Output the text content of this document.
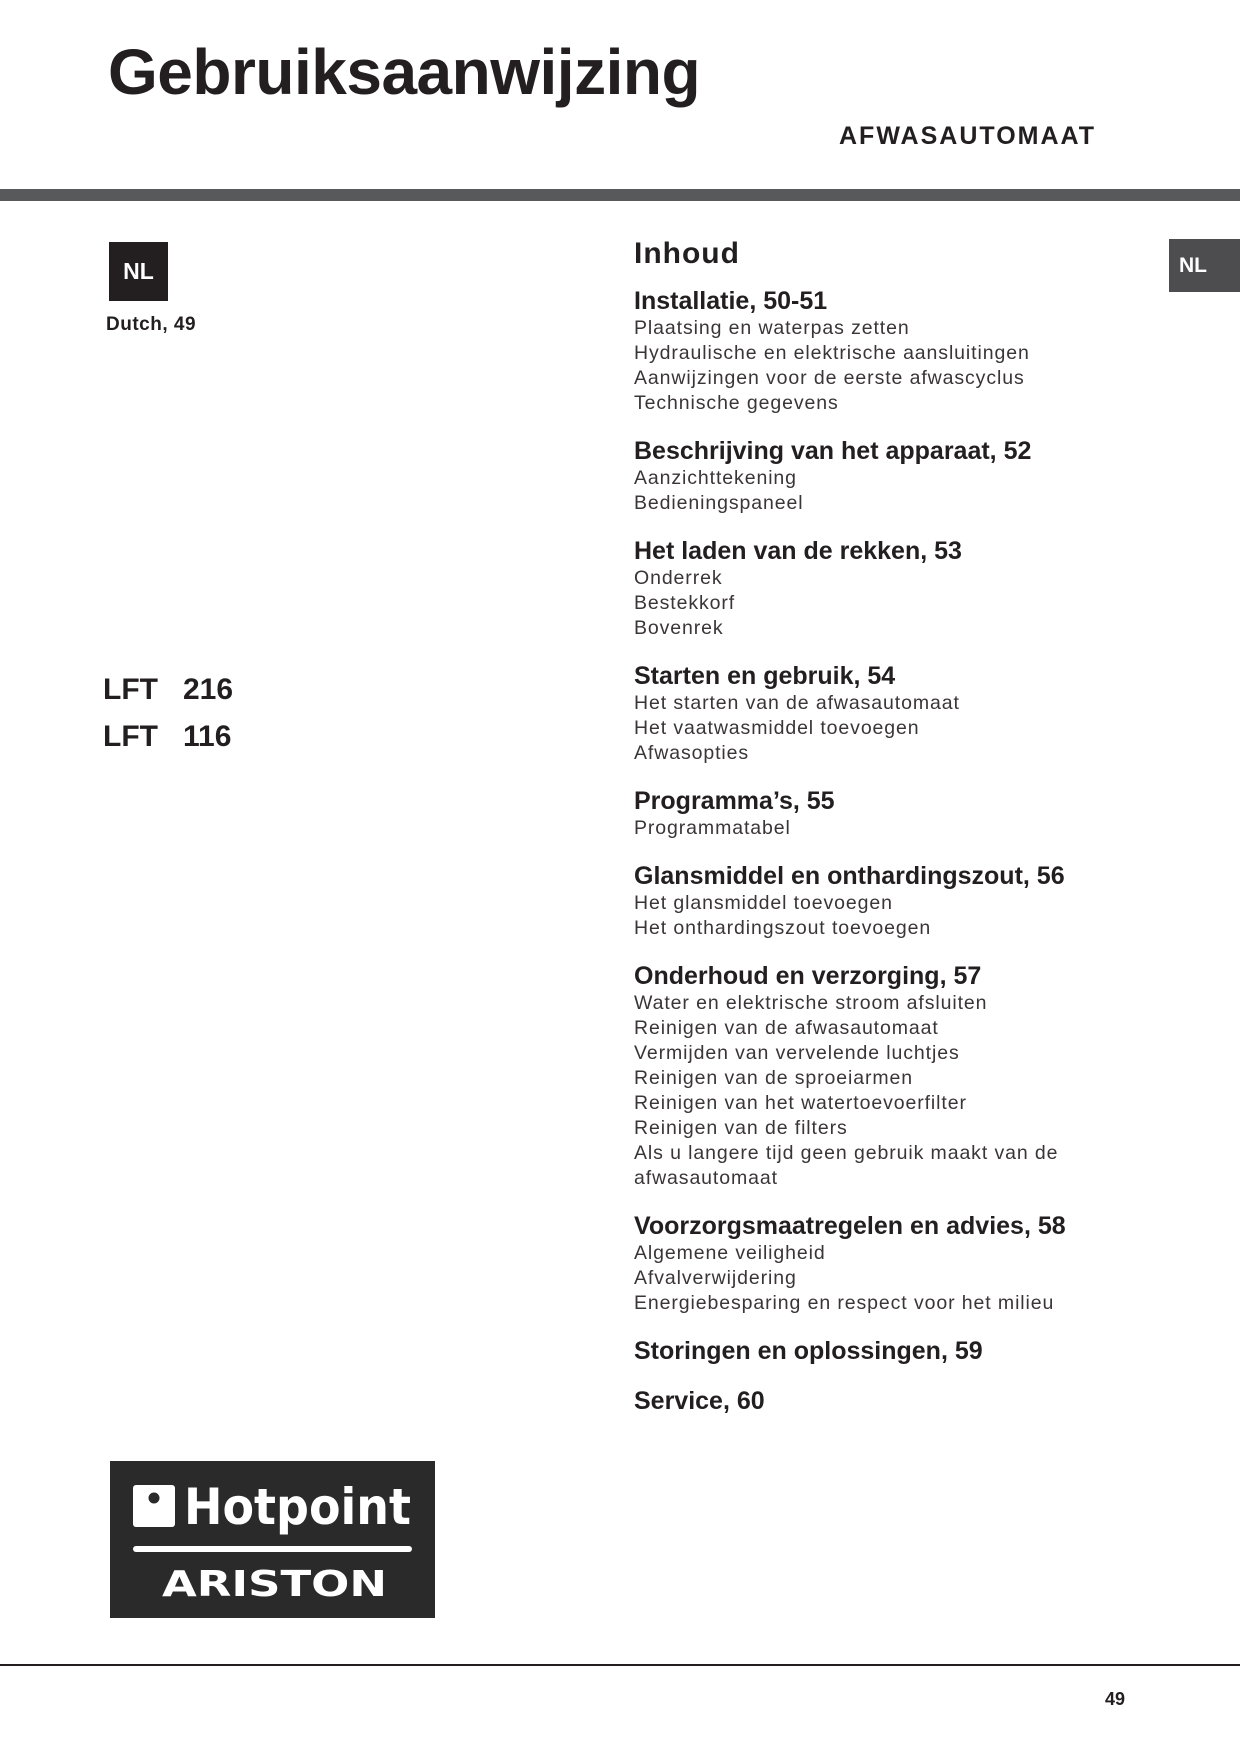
Gebruiksaanwijzing
AFWASAUTOMAAT
NL
Dutch, 49
NL
LFT   216
LFT   116
Inhoud
Installatie, 50-51
Plaatsing en waterpas zetten
Hydraulische en elektrische aansluitingen
Aanwijzingen voor de eerste afwascyclus
Technische gegevens
Beschrijving van het apparaat, 52
Aanzichttekening
Bedieningspaneel
Het laden van de rekken, 53
Onderrek
Bestekkorf
Bovenrek
Starten en gebruik, 54
Het starten van de afwasautomaat
Het vaatwasmiddel toevoegen
Afwasopties
Programma’s, 55
Programmatabel
Glansmiddel en onthardingszout, 56
Het glansmiddel toevoegen
Het onthardingszout toevoegen
Onderhoud en verzorging, 57
Water en elektrische stroom afsluiten
Reinigen van de afwasautomaat
Vermijden van vervelende luchtjes
Reinigen van de sproeiarmen
Reinigen van het watertoevoerfilter
Reinigen van de filters
Als u langere tijd geen gebruik maakt van de afwasautomaat
Voorzorgsmaatregelen en advies, 58
Algemene veiligheid
Afvalverwijdering
Energiebesparing en respect voor het milieu
Storingen en oplossingen, 59
Service, 60
Hotpoint
ARISTON
49
